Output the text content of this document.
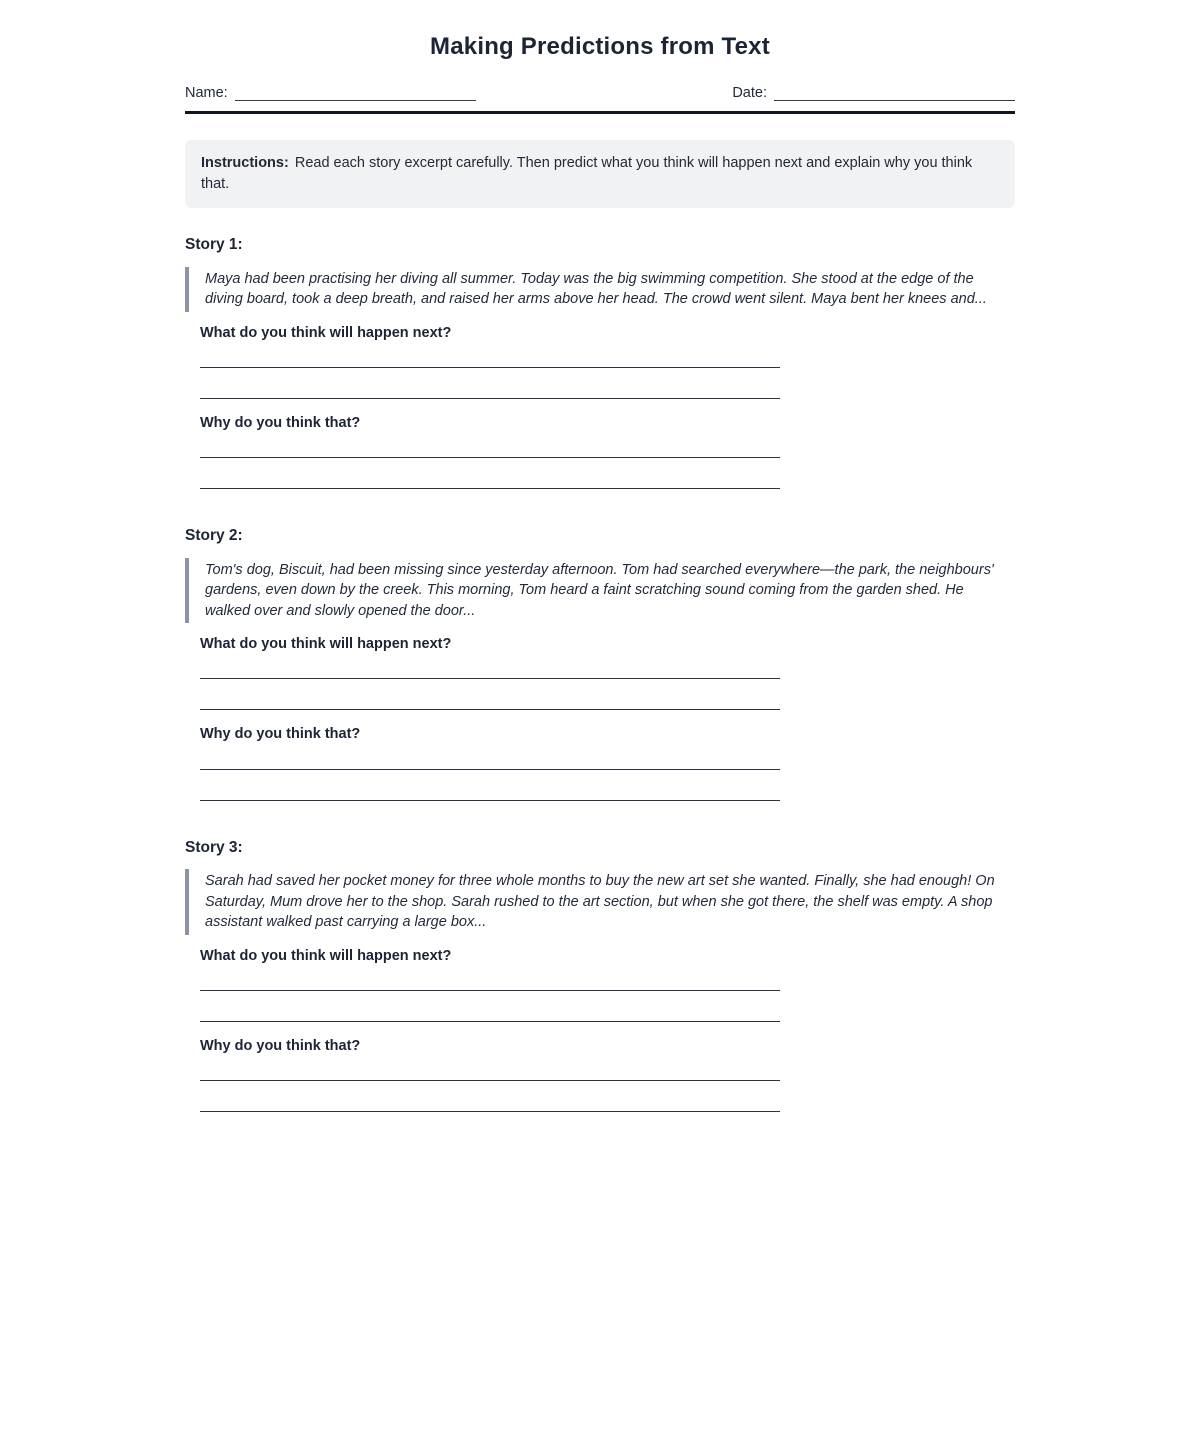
Making Predictions from Text
Name:	Date:
Instructions: Read each story excerpt carefully. Then predict what you think will happen next and explain why you think that.
Story 1:
Maya had been practising her diving all summer. Today was the big swimming competition. She stood at the edge of the diving board, took a deep breath, and raised her arms above her head. The crowd went silent. Maya bent her knees and...

What do you think will happen next?

Why do you think that?

Story 2:
Tom's dog, Biscuit, had been missing since yesterday afternoon. Tom had searched everywhere—the park, the neighbours' gardens, even down by the creek. This morning, Tom heard a faint scratching sound coming from the garden shed. He walked over and slowly opened the door...

What do you think will happen next?

Why do you think that?

Story 3:
Sarah had saved her pocket money for three whole months to buy the new art set she wanted. Finally, she had enough! On Saturday, Mum drove her to the shop. Sarah rushed to the art section, but when she got there, the shelf was empty. A shop assistant walked past carrying a large box...

What do you think will happen next?

Why do you think that?
